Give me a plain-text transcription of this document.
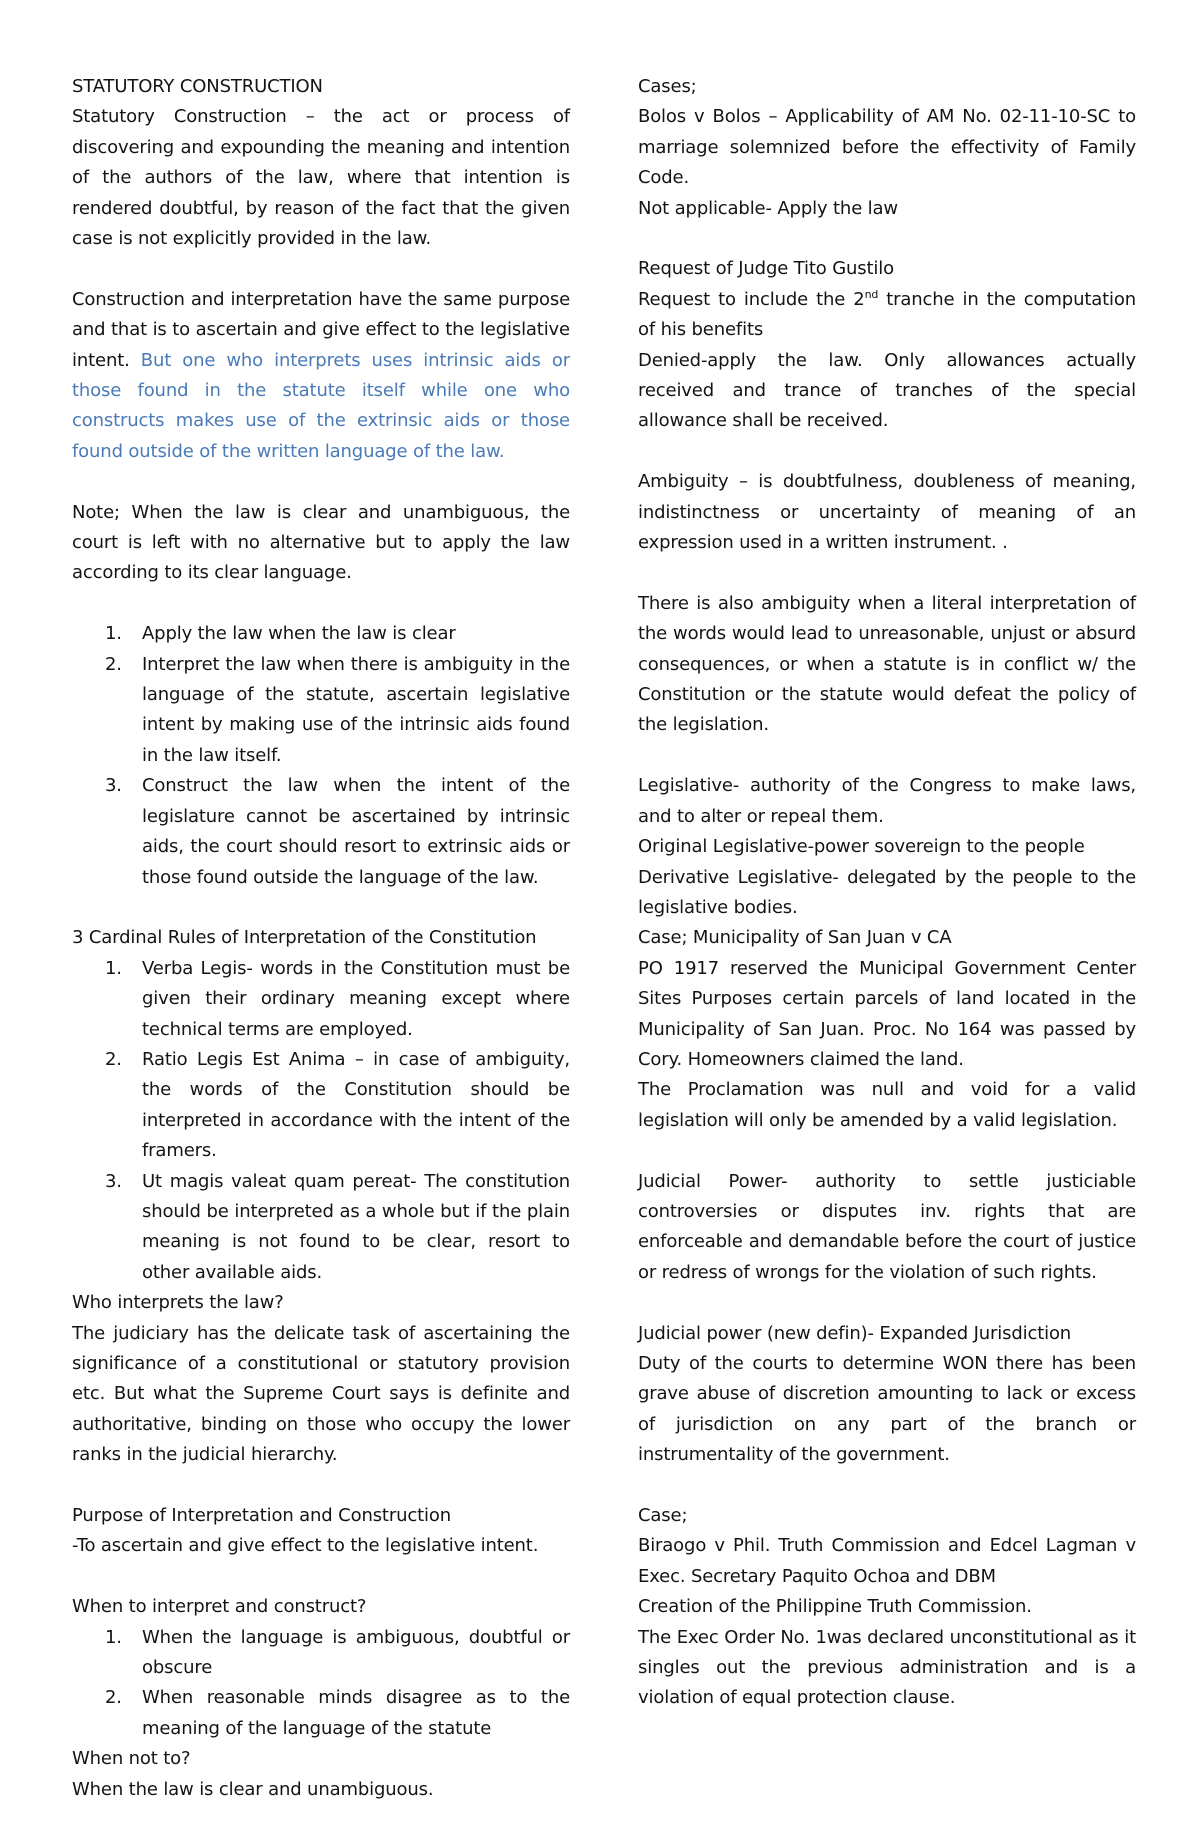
STATUTORY CONSTRUCTION

Statutory Construction – the act or process of discovering and expounding the meaning and intention of the authors of the law, where that intention is rendered doubtful, by reason of the fact that the given case is not explicitly provided in the law.

Construction and interpretation have the same purpose and that is to ascertain and give effect to the legislative intent. But one who interprets uses intrinsic aids or those found in the statute itself while one who constructs makes use of the extrinsic aids or those found outside of the written language of the law.

Note; When the law is clear and unambiguous, the court is left with no alternative but to apply the law according to its clear language.

1. Apply the law when the law is clear
2. Interpret the law when there is ambiguity in the language of the statute, ascertain legislative intent by making use of the intrinsic aids found in the law itself.
3. Construct the law when the intent of the legislature cannot be ascertained by intrinsic aids, the court should resort to extrinsic aids or those found outside the language of the law.

3 Cardinal Rules of Interpretation of the Constitution

1. Verba Legis- words in the Constitution must be given their ordinary meaning except where technical terms are employed.
2. Ratio Legis Est Anima – in case of ambiguity, the words of the Constitution should be interpreted in accordance with the intent of the framers.
3. Ut magis valeat quam pereat- The constitution should be interpreted as a whole but if the plain meaning is not found to be clear, resort to other available aids.

Who interprets the law?

The judiciary has the delicate task of ascertaining the significance of a constitutional or statutory provision etc. But what the Supreme Court says is definite and authoritative, binding on those who occupy the lower ranks in the judicial hierarchy.

Purpose of Interpretation and Construction

-To ascertain and give effect to the legislative intent.

When to interpret and construct?

1. When the language is ambiguous, doubtful or obscure
2. When reasonable minds disagree as to the meaning of the language of the statute

When not to?

When the law is clear and unambiguous.

Cases;

Bolos v Bolos – Applicability of AM No. 02-11-10-SC to marriage solemnized before the effectivity of Family Code.

Not applicable- Apply the law

Request of Judge Tito Gustilo

Request to include the 2nd tranche in the computation of his benefits

Denied-apply the law. Only allowances actually received and trance of tranches of the special allowance shall be received.

Ambiguity – is doubtfulness, doubleness of meaning, indistinctness or uncertainty of meaning of an expression used in a written instrument. .

There is also ambiguity when a literal interpretation of the words would lead to unreasonable, unjust or absurd consequences, or when a statute is in conflict w/ the Constitution or the statute would defeat the policy of the legislation.

Legislative- authority of the Congress to make laws, and to alter or repeal them.

Original Legislative-power sovereign to the people

Derivative Legislative- delegated by the people to the legislative bodies.

Case; Municipality of San Juan v CA

PO 1917 reserved the Municipal Government Center Sites Purposes certain parcels of land located in the Municipality of San Juan. Proc. No 164 was passed by Cory. Homeowners claimed the land.

The Proclamation was null and void for a valid legislation will only be amended by a valid legislation.

Judicial Power- authority to settle justiciable controversies or disputes inv. rights that are enforceable and demandable before the court of justice or redress of wrongs for the violation of such rights.

Judicial power (new defin)- Expanded Jurisdiction

Duty of the courts to determine WON there has been grave abuse of discretion amounting to lack or excess of jurisdiction on any part of the branch or instrumentality of the government.

Case;

Biraogo v Phil. Truth Commission and Edcel Lagman v Exec. Secretary Paquito Ochoa and DBM

Creation of the Philippine Truth Commission.

The Exec Order No. 1was declared unconstitutional as it singles out the previous administration and is a violation of equal protection clause.
